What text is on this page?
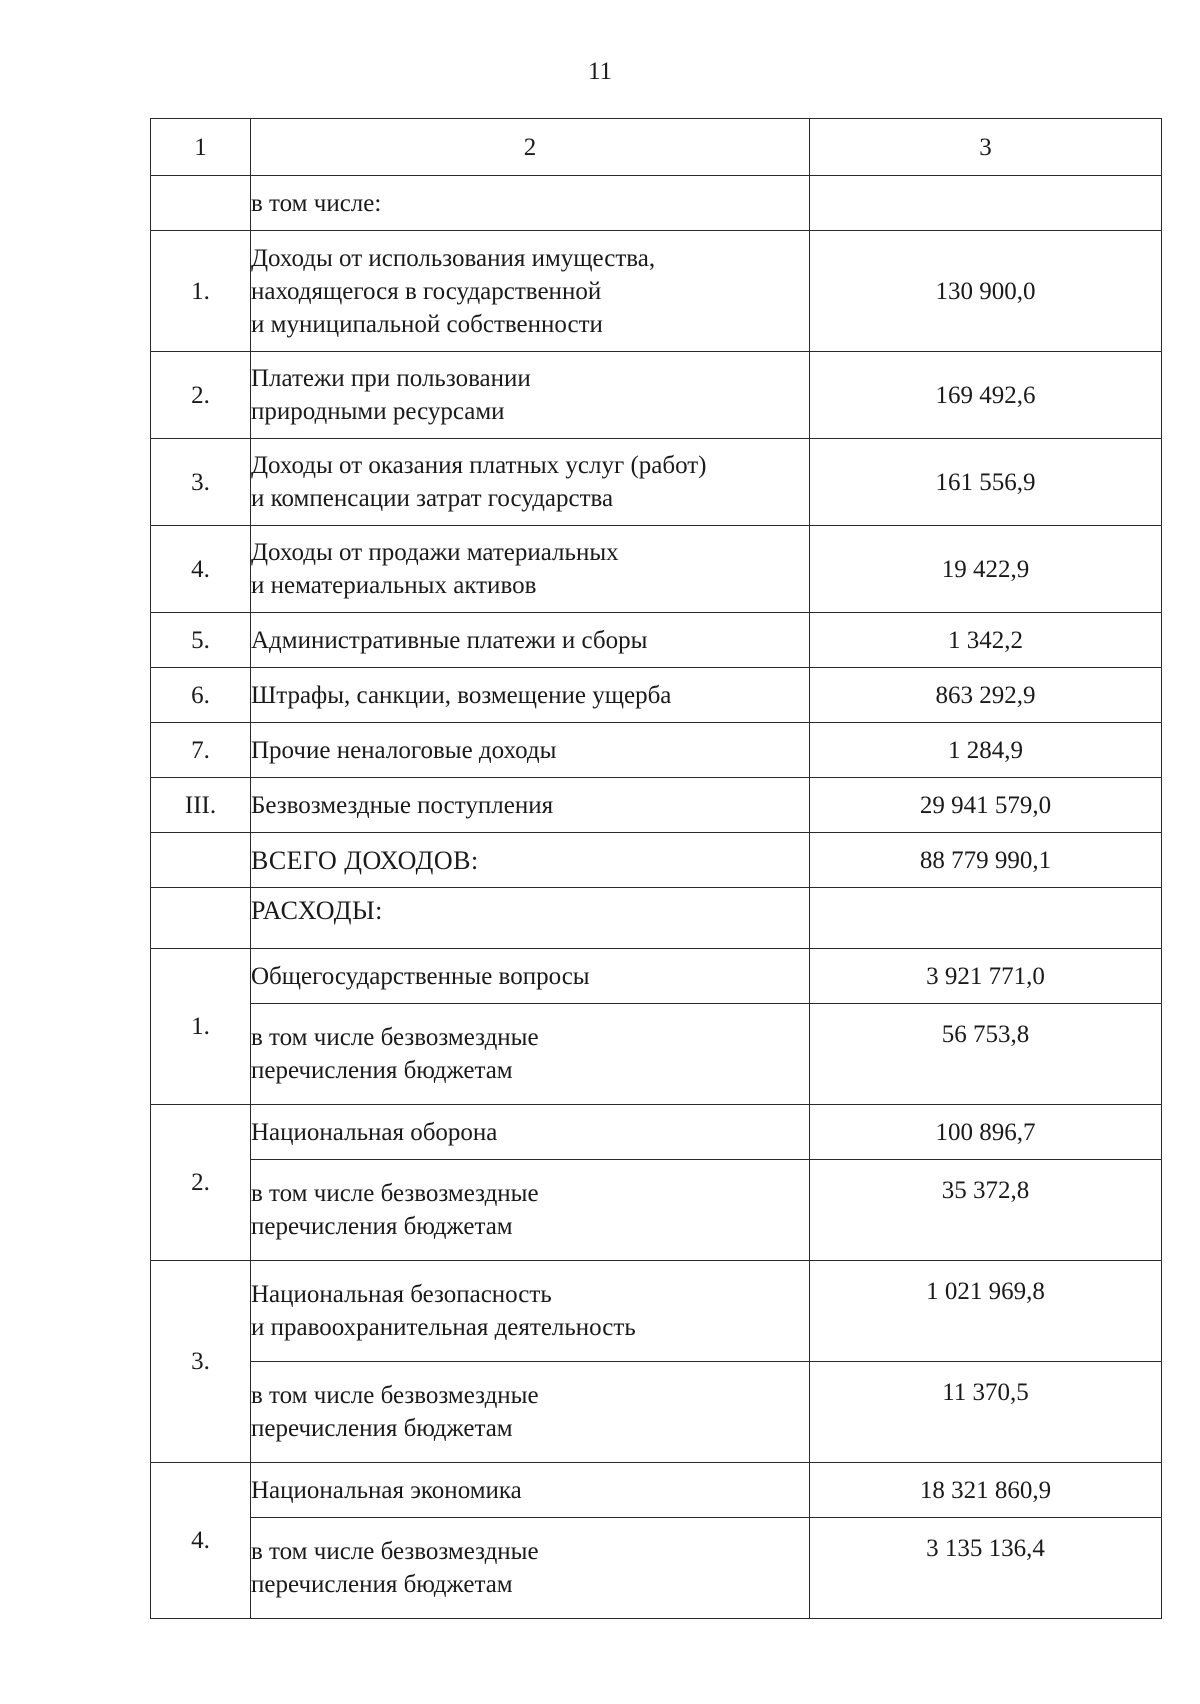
11
1	2	3
	в том числе:	
1.	Доходы от использования имущества,
находящегося в государственной
и муниципальной собственности	130 900,0
2.	Платежи при пользовании
природными ресурсами	169 492,6
3.	Доходы от оказания платных услуг (работ)
и компенсации затрат государства	161 556,9
4.	Доходы от продажи материальных
и нематериальных активов	19 422,9
5.	Административные платежи и сборы	1 342,2
6.	Штрафы, санкции, возмещение ущерба	863 292,9
7.	Прочие неналоговые доходы	1 284,9
III.	Безвозмездные поступления	29 941 579,0
	ВСЕГО ДОХОДОВ:	88 779 990,1
	РАСХОДЫ:	
1.	Общегосударственные вопросы	3 921 771,0
	в том числе безвозмездные
перечисления бюджетам	56 753,8
2.	Национальная оборона	100 896,7
	в том числе безвозмездные
перечисления бюджетам	35 372,8
3.	Национальная безопасность
и правоохранительная деятельность	1 021 969,8
	в том числе безвозмездные
перечисления бюджетам	11 370,5
4.	Национальная экономика	18 321 860,9
	в том числе безвозмездные
перечисления бюджетам	3 135 136,4
